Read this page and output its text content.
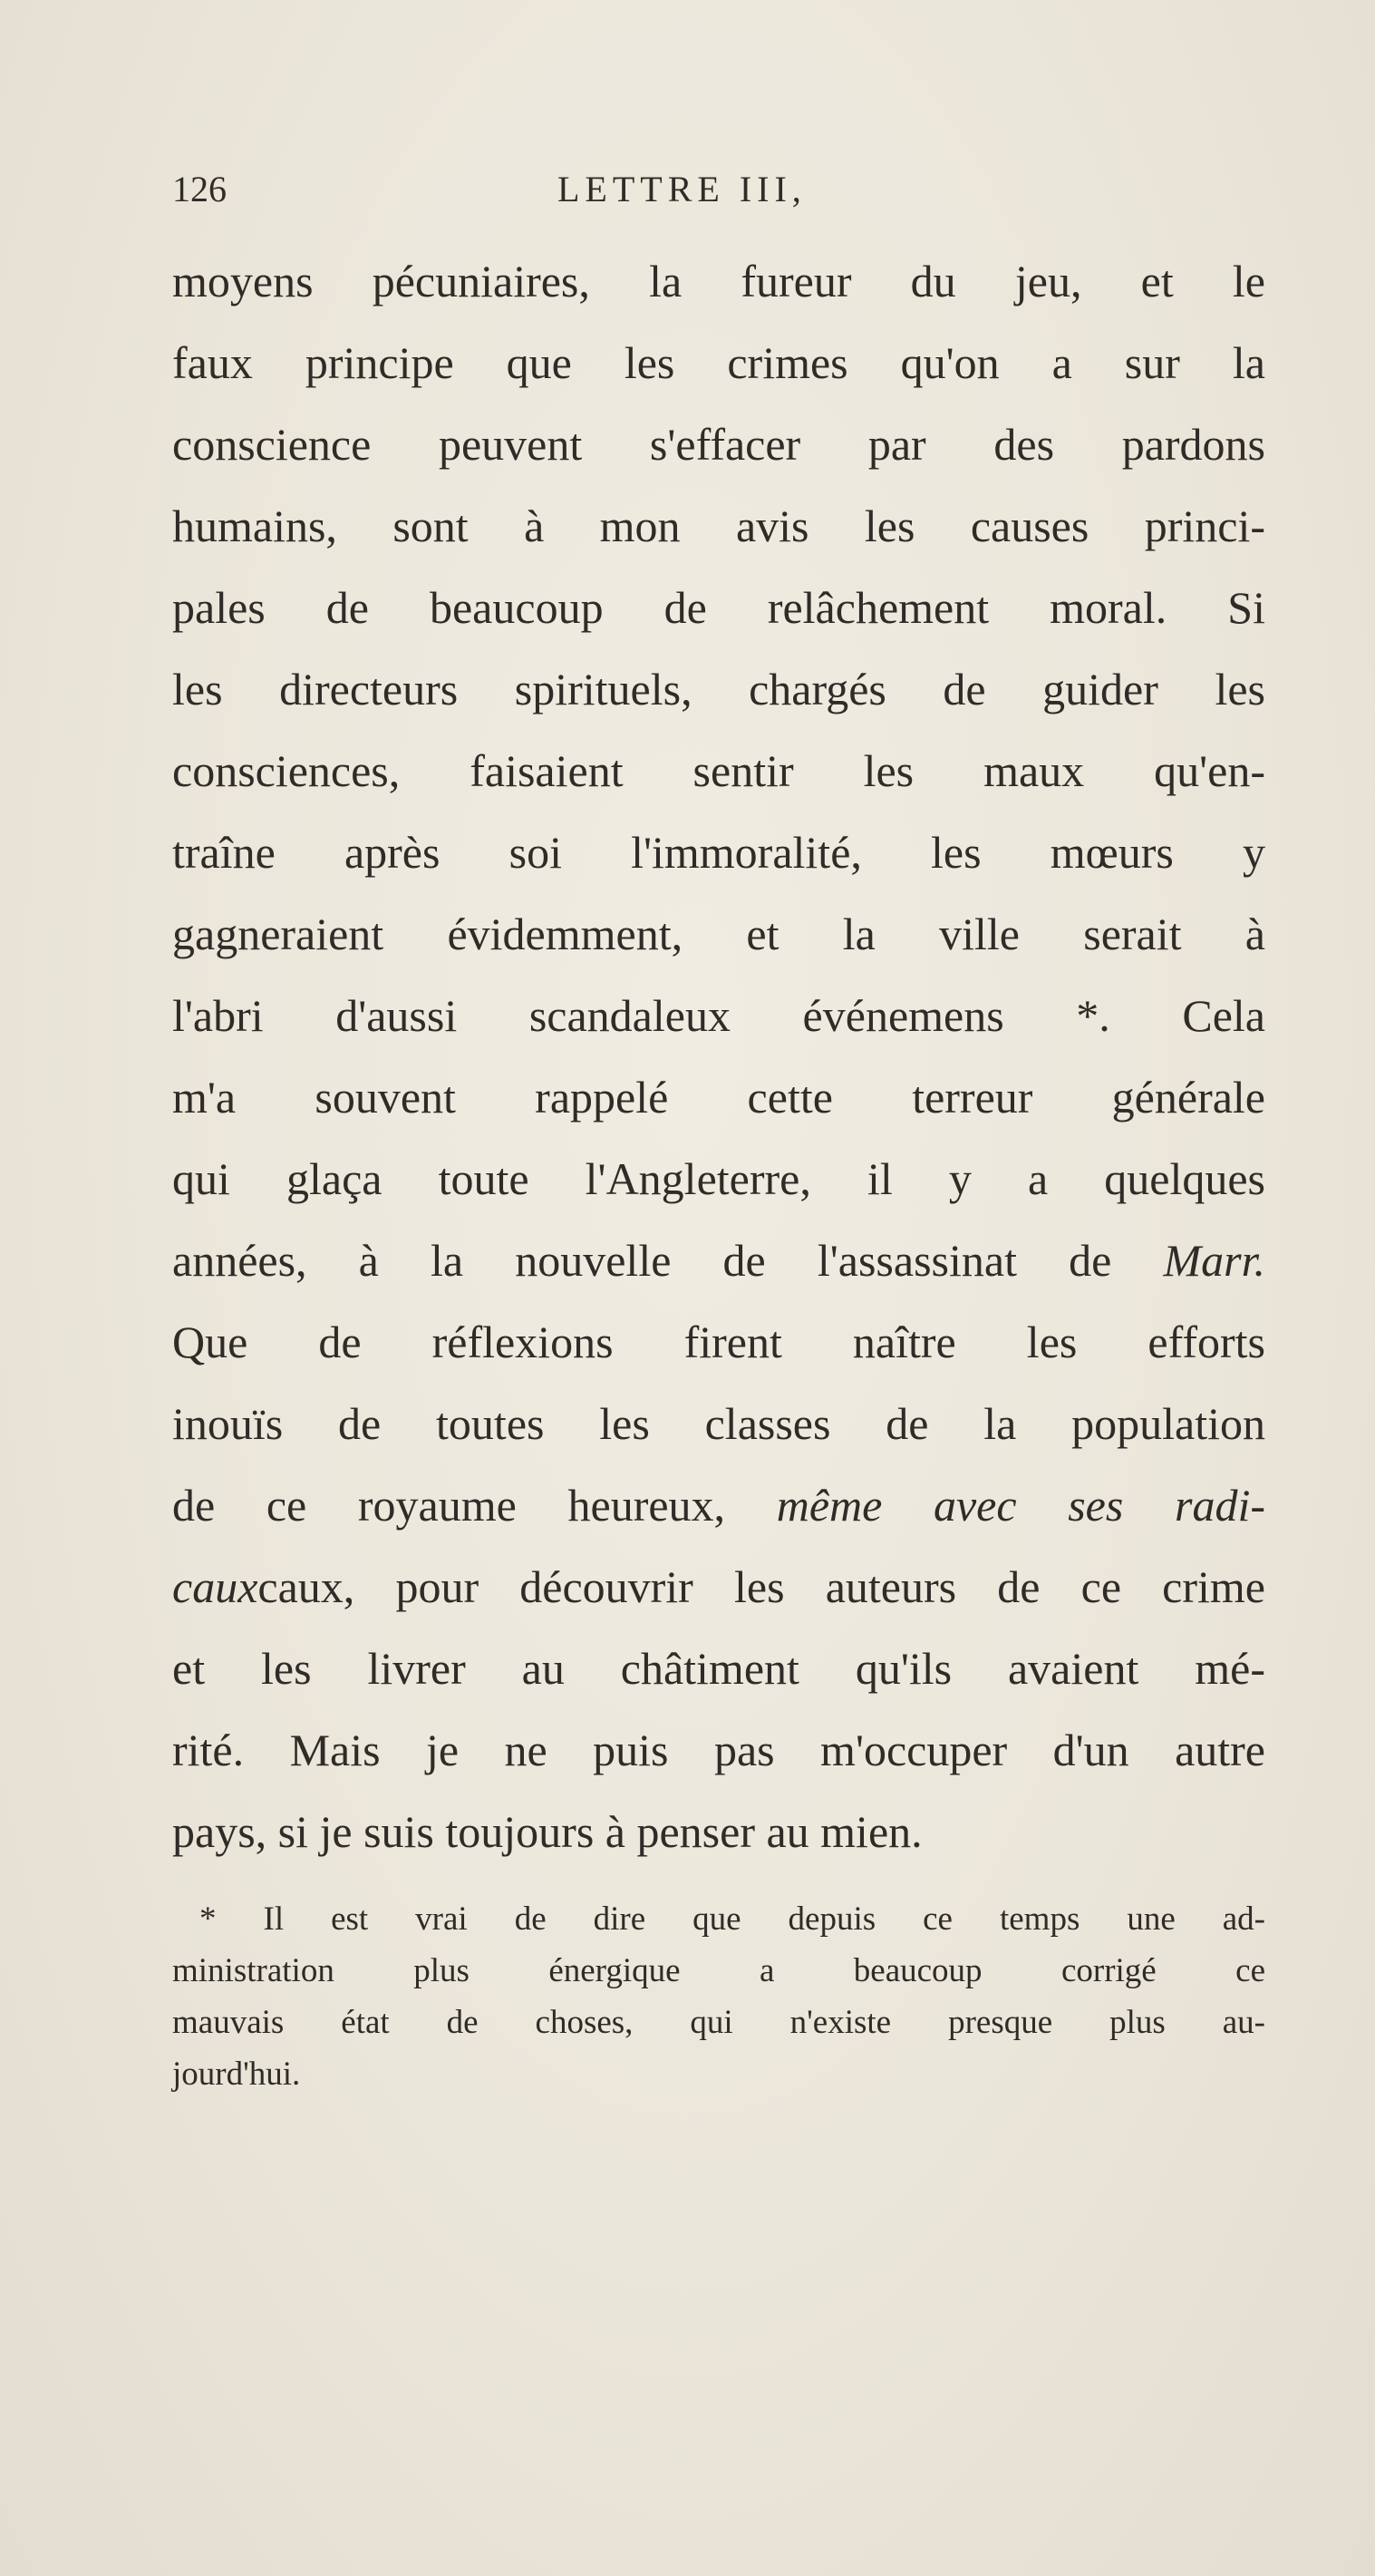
126	LETTRE III,
moyens pécuniaires, la fureur du jeu, et le
faux principe que les crimes qu'on a sur la
conscience peuvent s'effacer par des pardons
humains, sont à mon avis les causes princi-
pales de beaucoup de relâchement moral. Si
les directeurs spirituels, chargés de guider les
consciences, faisaient sentir les maux qu'en-
traîne après soi l'immoralité, les mœurs y
gagneraient évidemment, et la ville serait à
l'abri d'aussi scandaleux événemens *. Cela
m'a souvent rappelé cette terreur générale
qui glaça toute l'Angleterre, il y a quelques
années, à la nouvelle de l'assassinat de Marr.
Que de réflexions firent naître les efforts
inouïs de toutes les classes de la population
de ce royaume heureux, même avec ses radi-
cauxcaux, pour découvrir les auteurs de ce crime
et les livrer au châtiment qu'ils avaient mé-
rité. Mais je ne puis pas m'occuper d'un autre
pays, si je suis toujours à penser au mien.
* Il est vrai de dire que depuis ce temps une ad-
ministration plus énergique a beaucoup corrigé ce
mauvais état de choses, qui n'existe presque plus au-
jourd'hui.
